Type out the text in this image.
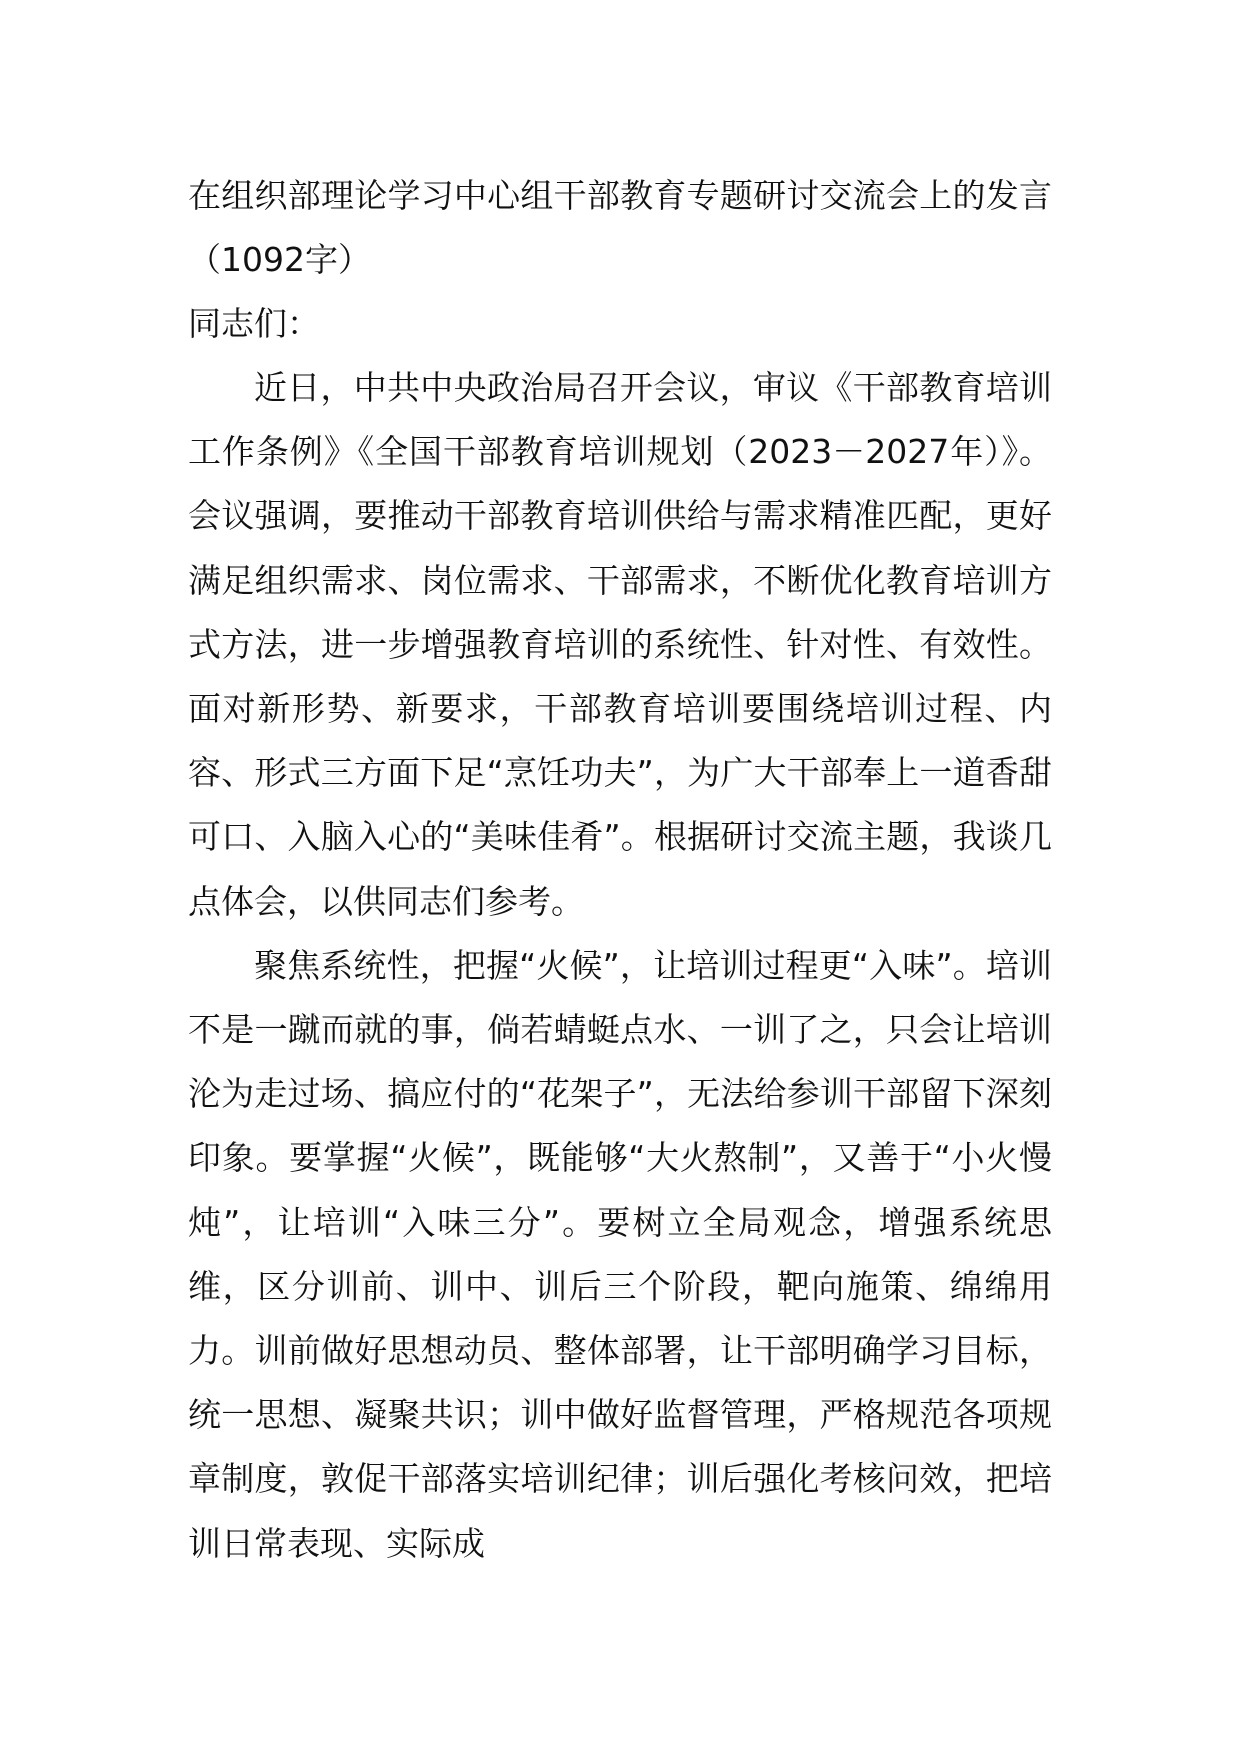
在组织部理论学习中心组干部教育专题研讨交流会上的发言（1092字）

同志们：

近日，中共中央政治局召开会议，审议《干部教育培训工作条例》《全国干部教育培训规划（2023－2027年）》。会议强调，要推动干部教育培训供给与需求精准匹配，更好满足组织需求、岗位需求、干部需求，不断优化教育培训方式方法，进一步增强教育培训的系统性、针对性、有效性。面对新形势、新要求，干部教育培训要围绕培训过程、内容、形式三方面下足“烹饪功夫”，为广大干部奉上一道香甜可口、入脑入心的“美味佳肴”。根据研讨交流主题，我谈几点体会，以供同志们参考。

聚焦系统性，把握“火候”，让培训过程更“入味”。培训不是一蹴而就的事，倘若蜻蜓点水、一训了之，只会让培训沦为走过场、搞应付的“花架子”，无法给参训干部留下深刻印象。要掌握“火候”，既能够“大火熬制”，又善于“小火慢炖”，让培训“入味三分”。要树立全局观念，增强系统思维，区分训前、训中、训后三个阶段，靶向施策、绵绵用力。训前做好思想动员、整体部署，让干部明确学习目标，统一思想、凝聚共识；训中做好监督管理，严格规范各项规章制度，敦促干部落实培训纪律；训后强化考核问效，把培训日常表现、实际成
